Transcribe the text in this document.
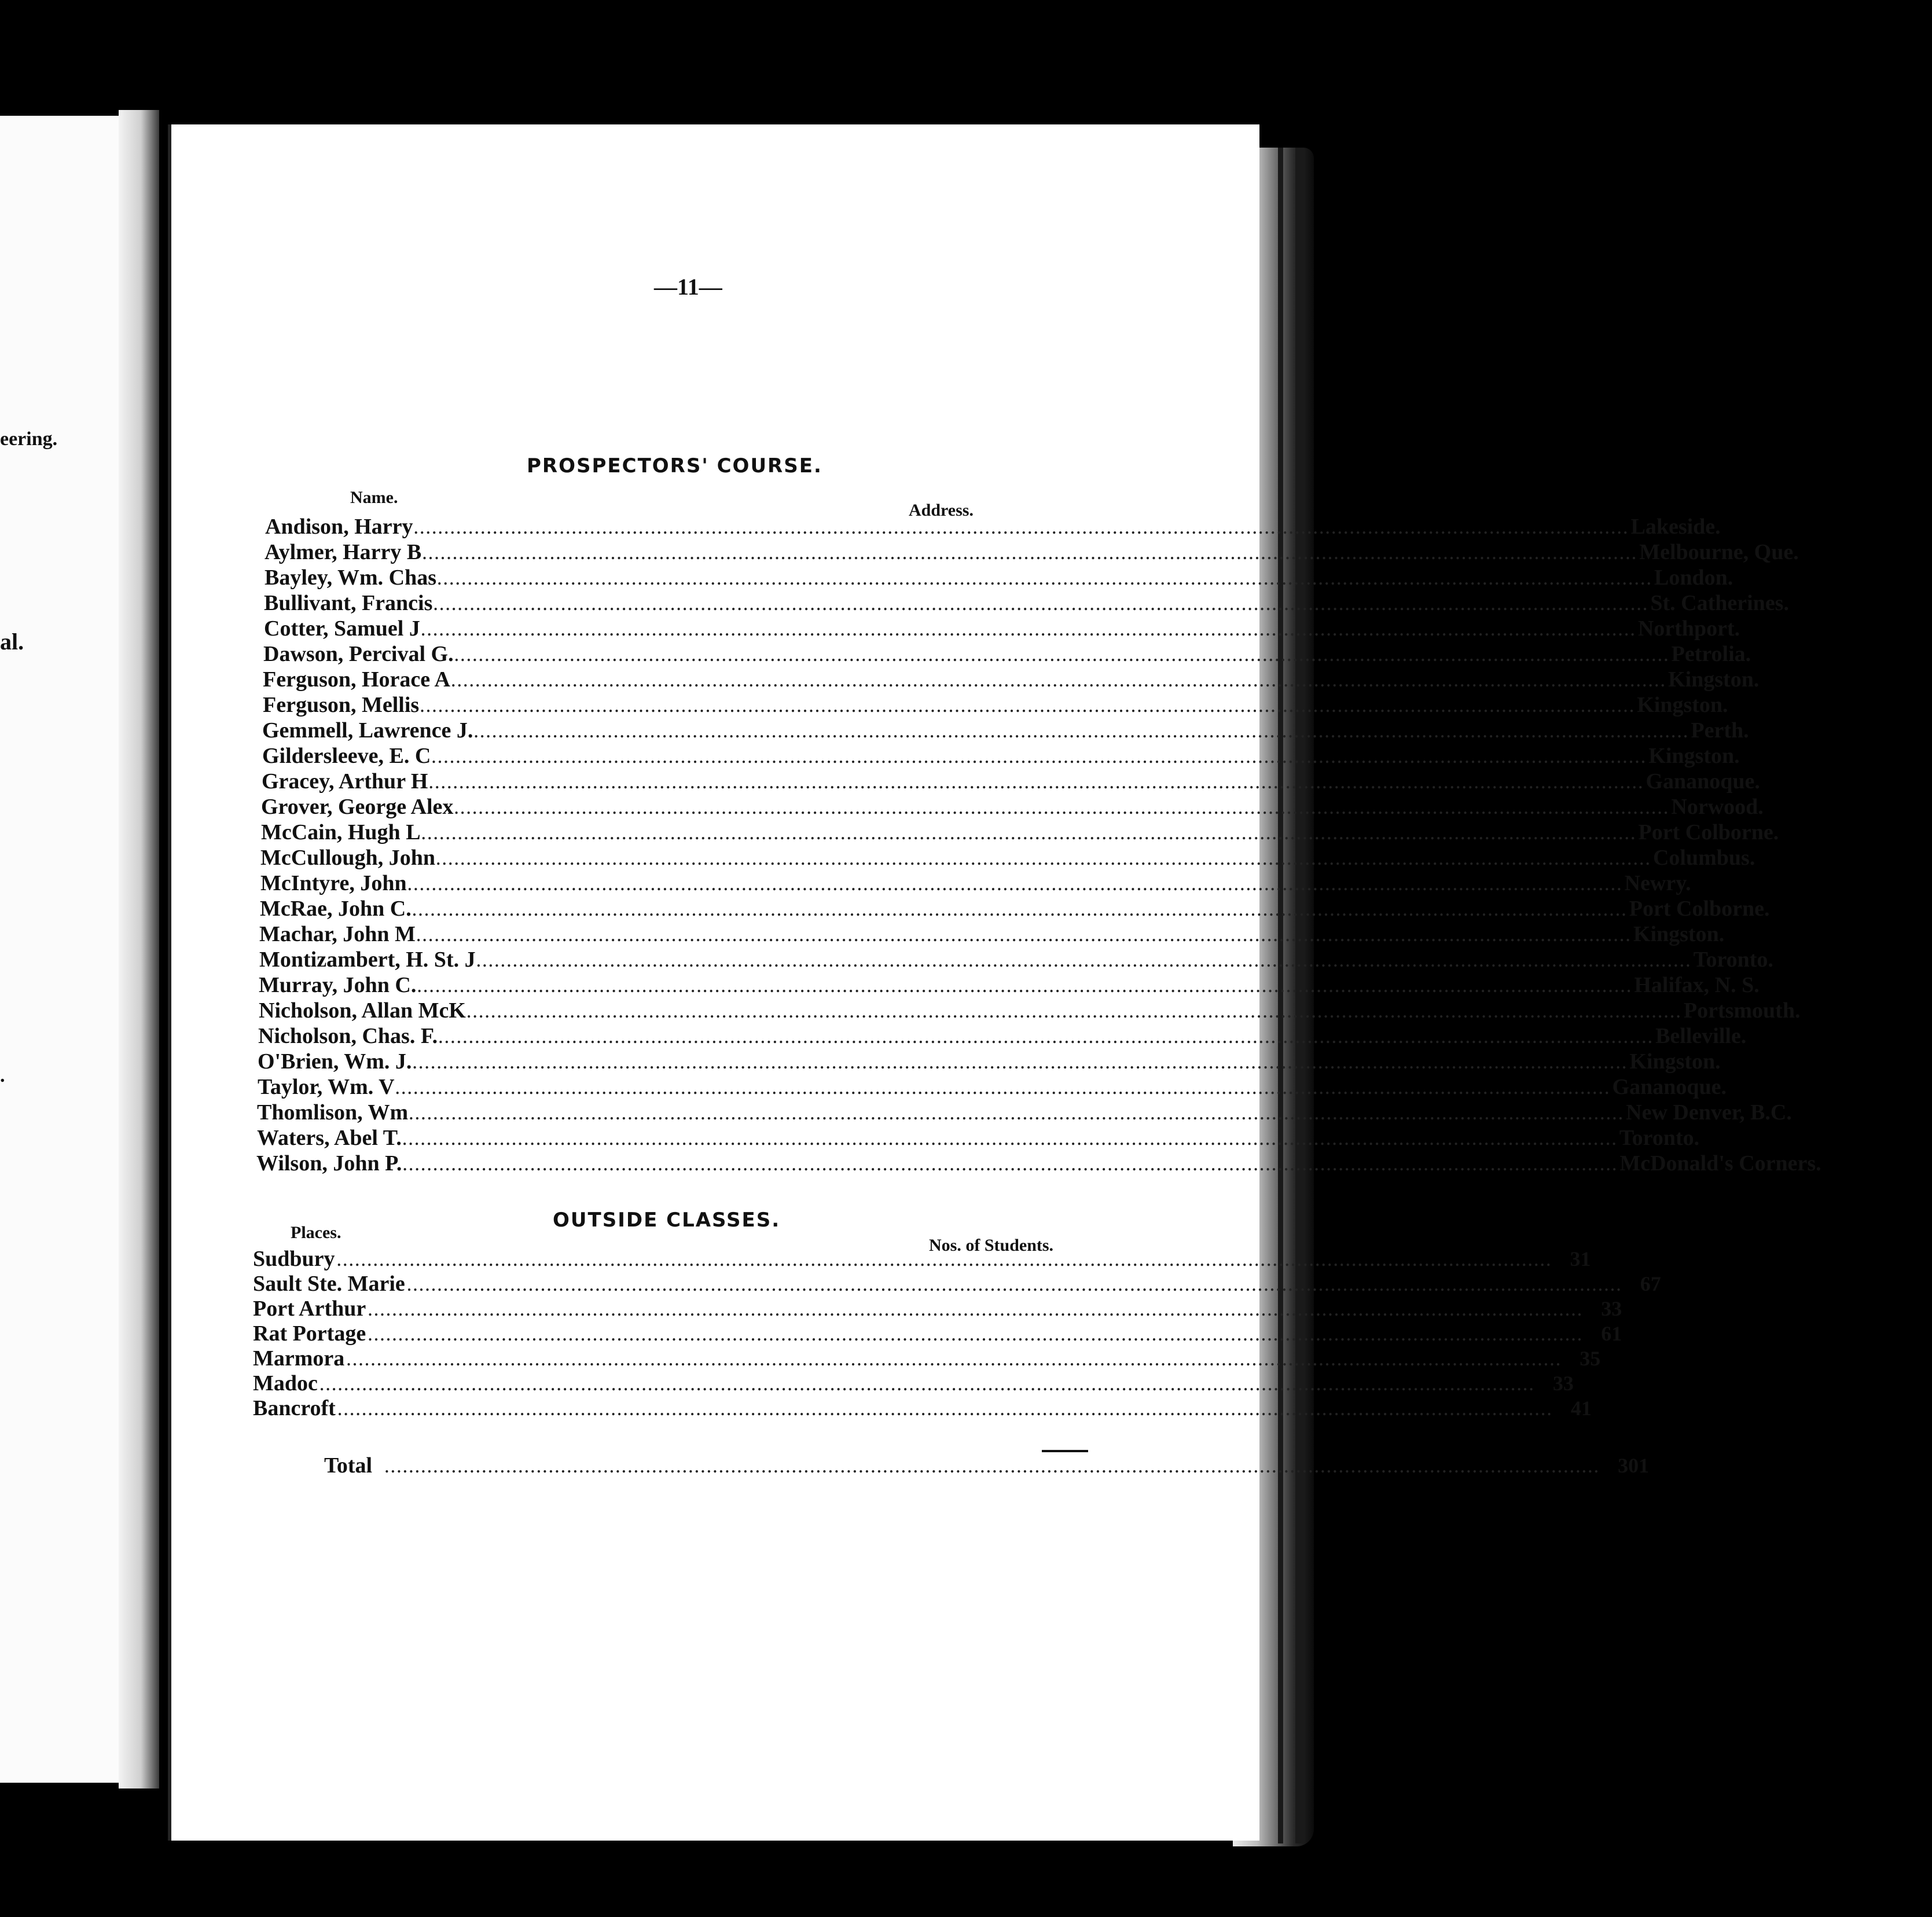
eering.
al.
.
—11—
PROSPECTORS' COURSE.
Name.
Address.
Andison, Harry ........................................................................................................................................................................................................ Lakeside.
Aylmer, Harry B ........................................................................................................................................................................................................ Melbourne, Que.
Bayley, Wm. Chas ........................................................................................................................................................................................................ London.
Bullivant, Francis ........................................................................................................................................................................................................ St. Catherines.
Cotter, Samuel J ........................................................................................................................................................................................................ Northport.
Dawson, Percival G. ........................................................................................................................................................................................................ Petrolia.
Ferguson, Horace A ........................................................................................................................................................................................................ Kingston.
Ferguson, Mellis ........................................................................................................................................................................................................ Kingston.
Gemmell, Lawrence J. ........................................................................................................................................................................................................ Perth.
Gildersleeve, E. C ........................................................................................................................................................................................................ Kingston.
Gracey, Arthur H ........................................................................................................................................................................................................ Gananoque.
Grover, George Alex ........................................................................................................................................................................................................ Norwood.
McCain, Hugh L ........................................................................................................................................................................................................ Port Colborne.
McCullough, John ........................................................................................................................................................................................................ Columbus.
McIntyre, John ........................................................................................................................................................................................................ Newry.
McRae, John C. ........................................................................................................................................................................................................ Port Colborne.
Machar, John M ........................................................................................................................................................................................................ Kingston.
Montizambert, H. St. J ........................................................................................................................................................................................................ Toronto.
Murray, John C. ........................................................................................................................................................................................................ Halifax, N. S.
Nicholson, Allan McK ........................................................................................................................................................................................................ Portsmouth.
Nicholson, Chas. F. ........................................................................................................................................................................................................ Belleville.
O'Brien, Wm. J. ........................................................................................................................................................................................................ Kingston.
Taylor, Wm. V ........................................................................................................................................................................................................ Gananoque.
Thomlison, Wm ........................................................................................................................................................................................................ New Denver, B.C.
Waters, Abel T. ........................................................................................................................................................................................................ Toronto.
Wilson, John P. ........................................................................................................................................................................................................ McDonald's Corners.
OUTSIDE CLASSES.
Places.
Nos. of Students.
Sudbury ........................................................................................................................................................................................................ 31
Sault Ste. Marie ........................................................................................................................................................................................................ 67
Port Arthur ........................................................................................................................................................................................................ 33
Rat Portage ........................................................................................................................................................................................................ 61
Marmora ........................................................................................................................................................................................................ 35
Madoc ........................................................................................................................................................................................................ 33
Bancroft ........................................................................................................................................................................................................ 41
Total ........................................................................................................................................................................................................ 301
